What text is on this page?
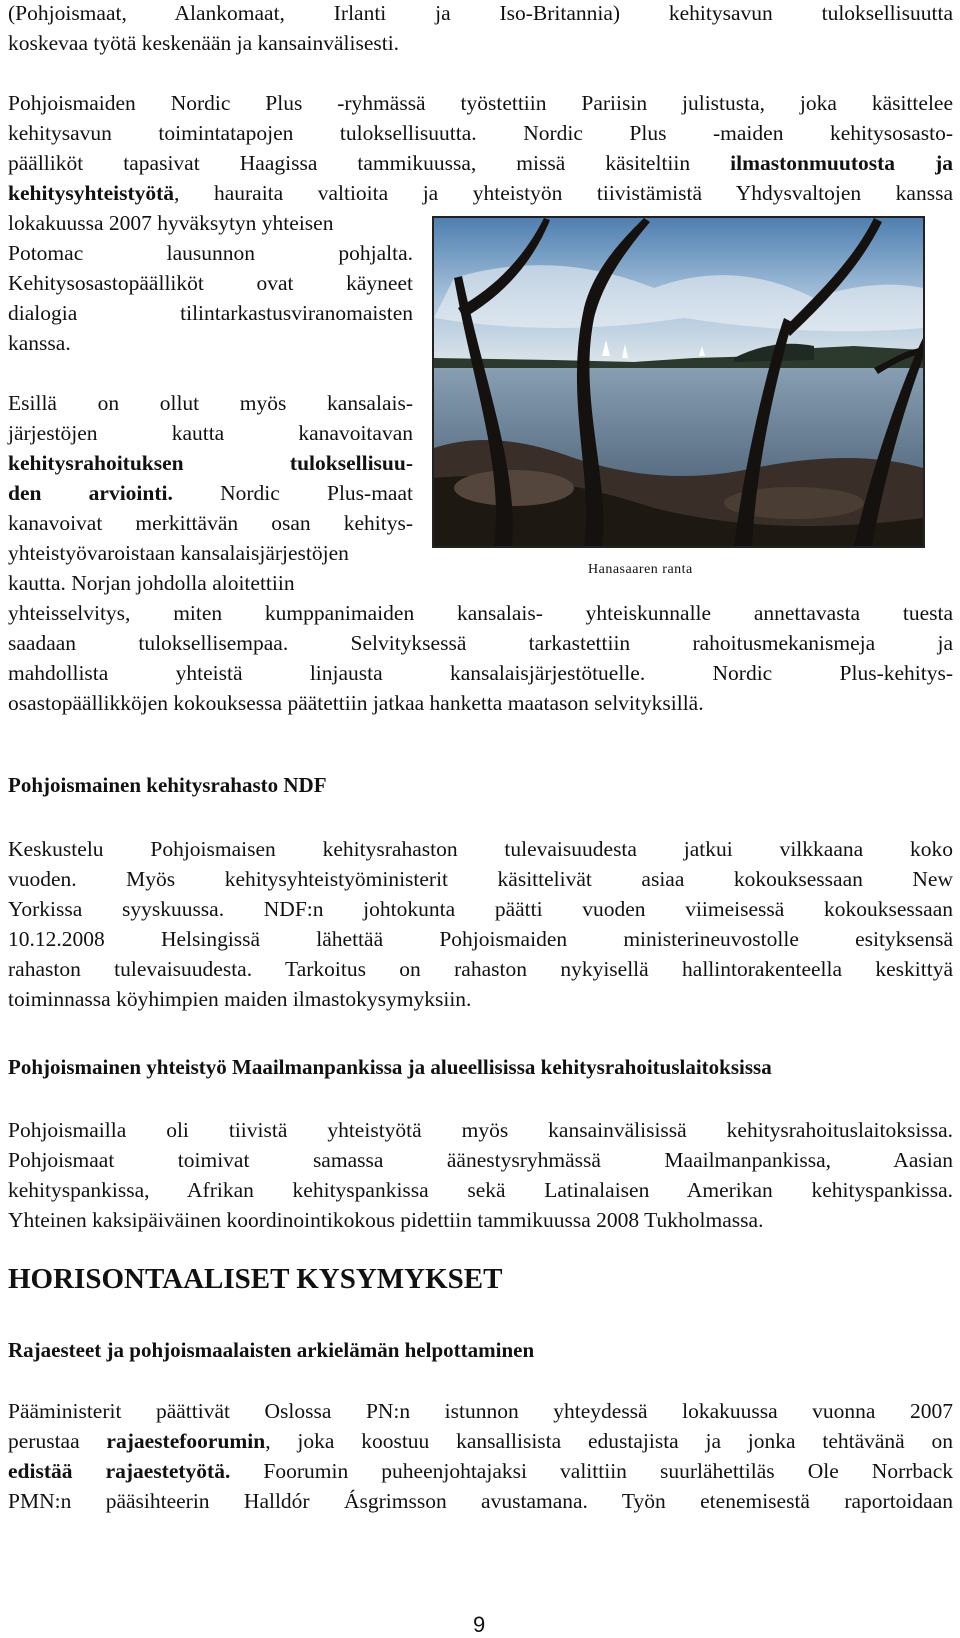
(Pohjoismaat, Alankomaat, Irlanti ja Iso-Britannia) kehitysavun tuloksellisuutta
koskevaa työtä keskenään ja kansainvälisesti.
Pohjoismaiden Nordic Plus -ryhmässä työstettiin Pariisin julistusta, joka käsittelee
kehitysavun toimintatapojen tuloksellisuutta. Nordic Plus -maiden kehitysosasto-
päälliköt tapasivat Haagissa tammikuussa, missä käsiteltiin ilmastonmuutosta ja
kehitysyhteistyötä, hauraita valtioita ja yhteistyön tiivistämistä Yhdysvaltojen kanssa
lokakuussa 2007 hyväksytyn yhteisen
Potomac lausunnon pohjalta.
Kehitysosastopäälliköt ovat käyneet
dialogia tilintarkastusviranomaisten
kanssa.
Esillä on ollut myös kansalais-
järjestöjen kautta kanavoitavan
kehitysrahoituksen tuloksellisuu-
den arviointi. Nordic Plus-maat
kanavoivat merkittävän osan kehitys-
yhteistyövaroistaan kansalaisjärjestöjen
kautta. Norjan johdolla aloitettiin
yhteisselvitys, miten kumppanimaiden kansalais- yhteiskunnalle annettavasta tuesta
saadaan tuloksellisempaa. Selvityksessä tarkastettiin rahoitusmekanismeja ja
mahdollista yhteistä linjausta kansalaisjärjestötuelle. Nordic Plus-kehitys-
osastopäällikköjen kokouksessa päätettiin jatkaa hanketta maatason selvityksillä.
Hanasaaren ranta
Pohjoismainen kehitysrahasto NDF
Keskustelu Pohjoismaisen kehitysrahaston tulevaisuudesta jatkui vilkkaana koko
vuoden. Myös kehitysyhteistyöministerit käsittelivät asiaa kokouksessaan New
Yorkissa syyskuussa. NDF:n johtokunta päätti vuoden viimeisessä kokouksessaan
10.12.2008 Helsingissä lähettää Pohjoismaiden ministerineuvostolle esityksensä
rahaston tulevaisuudesta. Tarkoitus on rahaston nykyisellä hallintorakenteella keskittyä
toiminnassa köyhimpien maiden ilmastokysymyksiin.
Pohjoismainen yhteistyö Maailmanpankissa ja alueellisissa kehitysrahoituslaitoksissa
Pohjoismailla oli tiivistä yhteistyötä myös kansainvälisissä kehitysrahoituslaitoksissa.
Pohjoismaat toimivat samassa äänestysryhmässä Maailmanpankissa, Aasian
kehityspankissa, Afrikan kehityspankissa sekä Latinalaisen Amerikan kehityspankissa.
Yhteinen kaksipäiväinen koordinointikokous pidettiin tammikuussa 2008 Tukholmassa.
HORISONTAALISET KYSYMYKSET
Rajaesteet ja pohjoismaalaisten arkielämän helpottaminen
Pääministerit päättivät Oslossa PN:n istunnon yhteydessä lokakuussa vuonna 2007
perustaa rajaestefoorumin, joka koostuu kansallisista edustajista ja jonka tehtävänä on
edistää rajaestetyötä. Foorumin puheenjohtajaksi valittiin suurlähettiläs Ole Norrback
PMN:n pääsihteerin Halldór Ásgrimsson avustamana. Työn etenemisestä raportoidaan
9
